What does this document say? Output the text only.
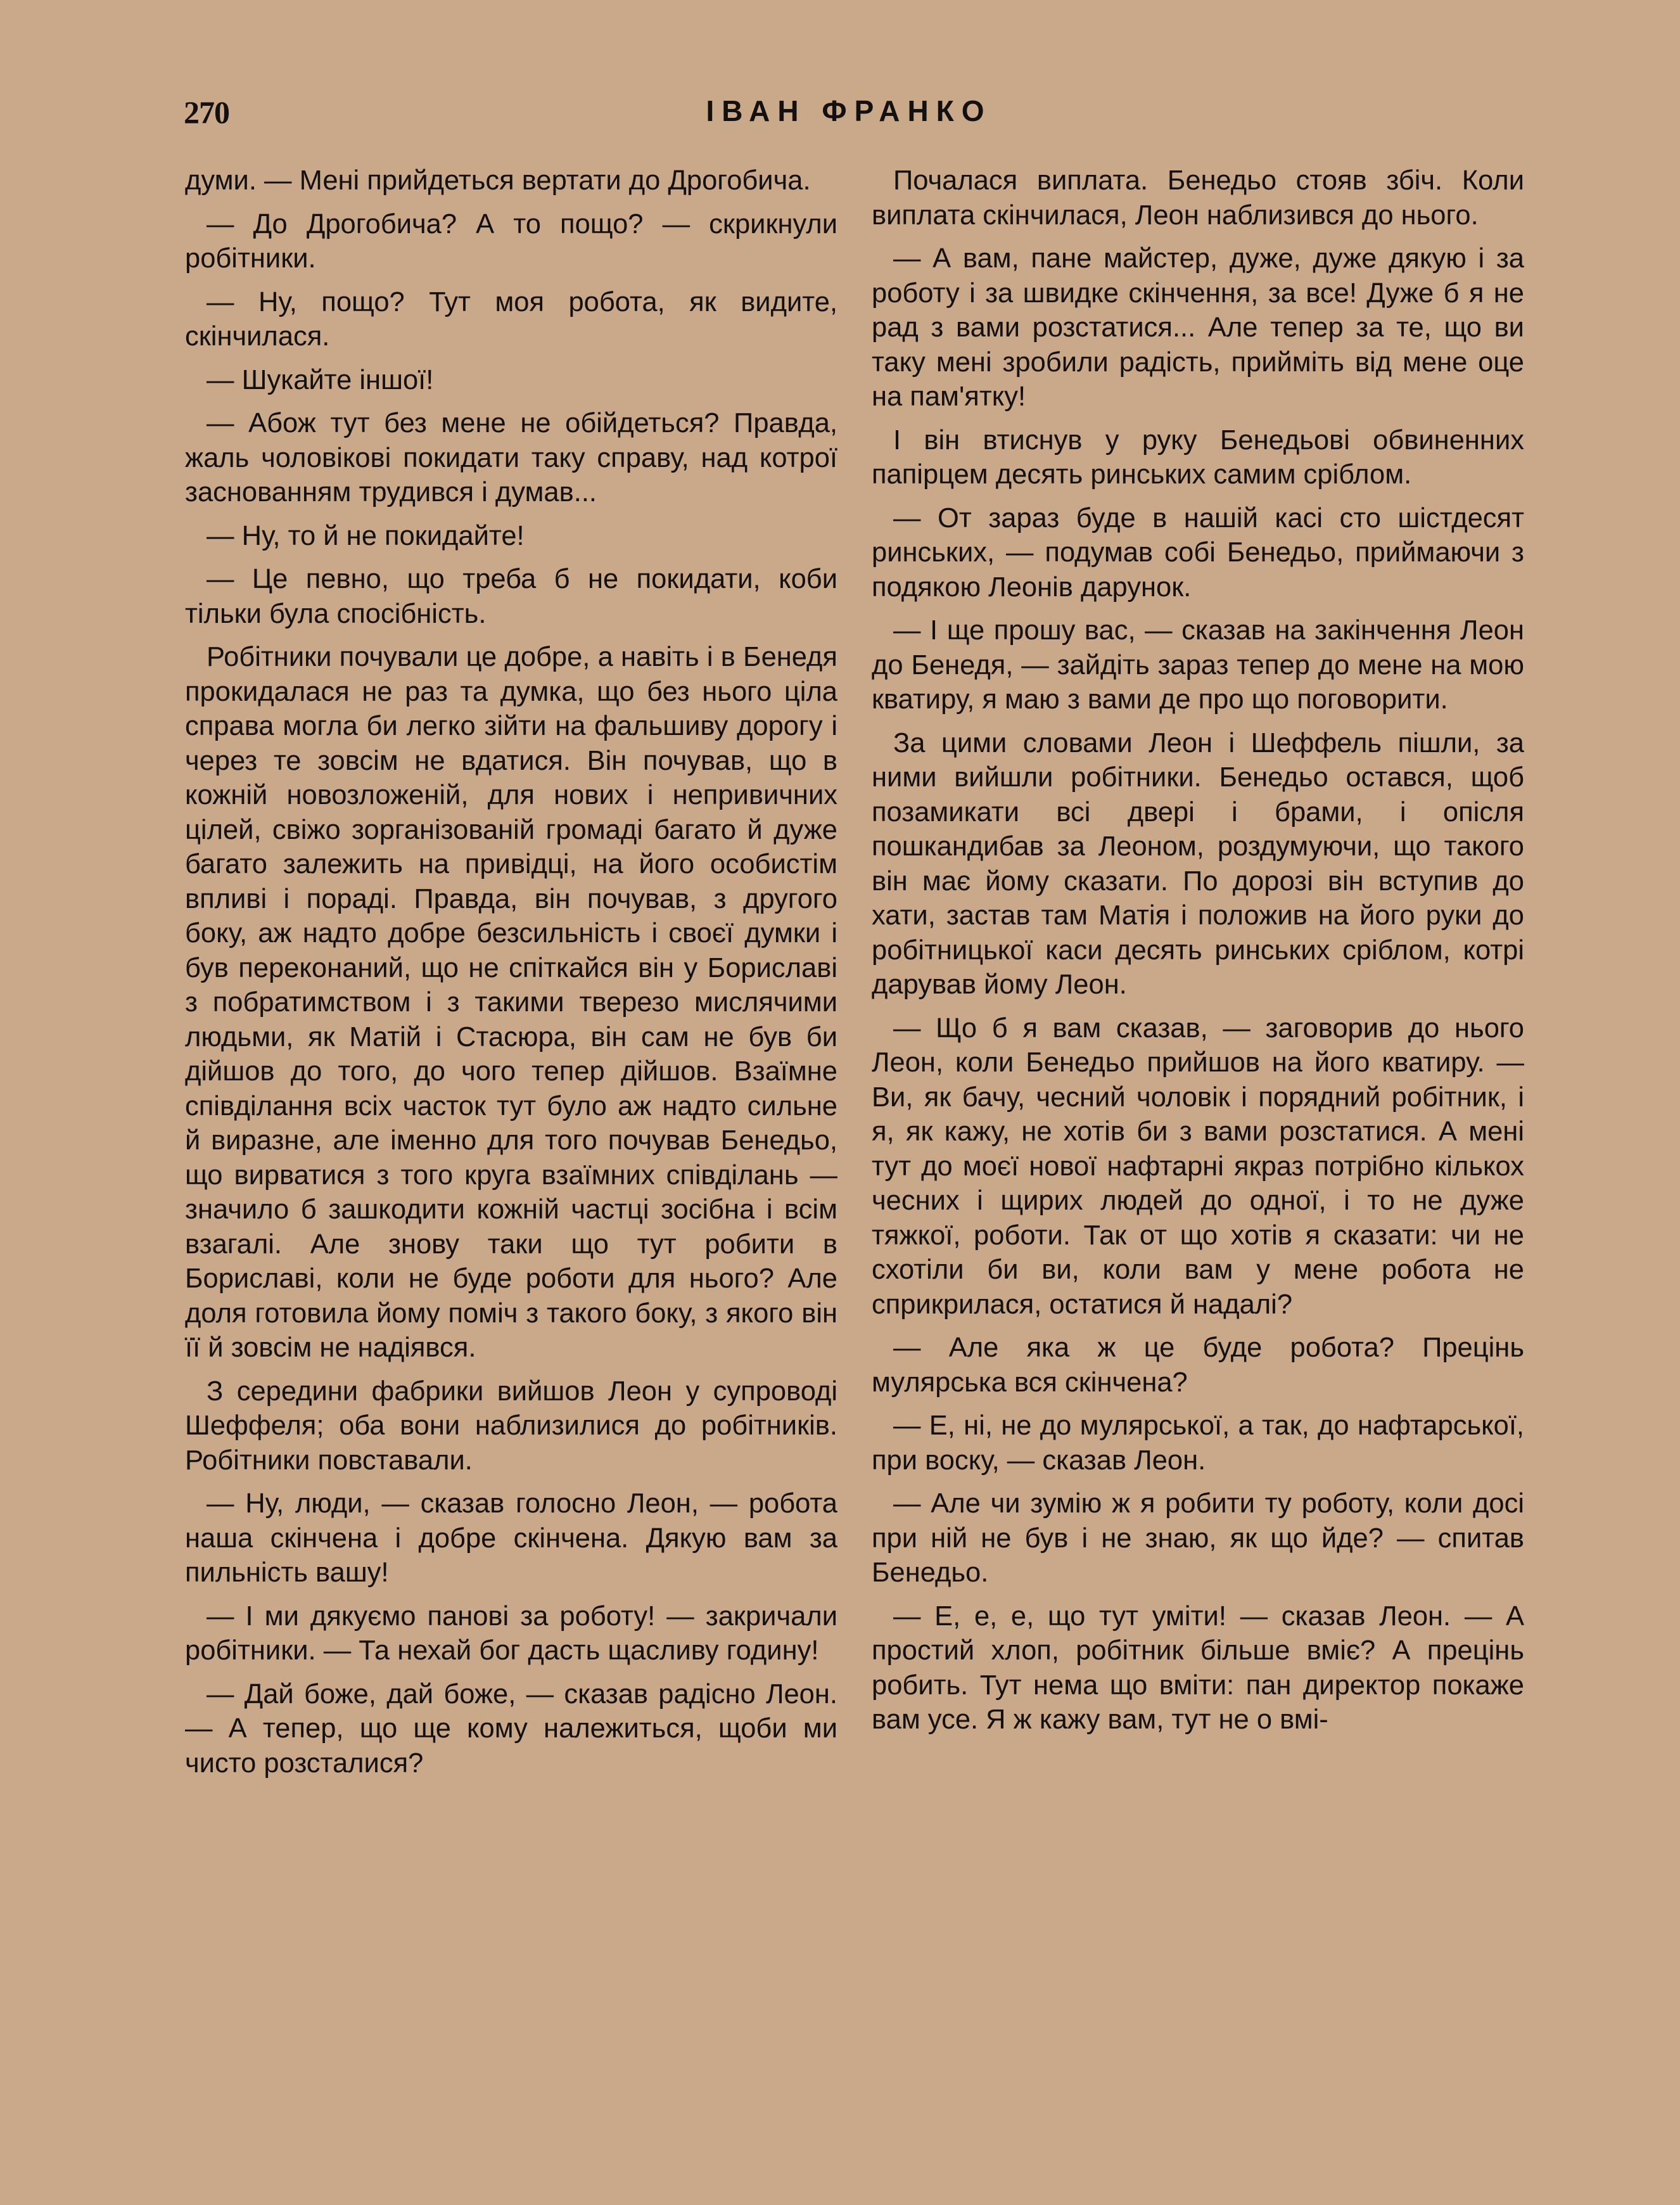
270	ІВАН ФРАНКО

думи. — Мені прийдеться вертати до Дрогобича.

— До Дрогобича? А то пощо? — скрикнули робітники.

— Ну, пощо? Тут моя робота, як видите, скінчилася.

— Шукайте іншої!

— Абож тут без мене не обійдеться? Правда, жаль чоловікові покидати таку справу, над котрої заснованням трудився і думав...

— Ну, то й не покидайте!

— Це певно, що треба б не покидати, коби тільки була спосібність.

Робітники почували це добре, а навіть і в Бенедя прокидалася не раз та думка, що без нього ціла справа могла би легко зійти на фальшиву дорогу і через те зовсім не вдатися. Він почував, що в кожній новозложеній, для нових і непривичних цілей, свіжо зорганізованій громаді багато й дуже багато залежить на привідці, на його особистім впливі і пораді. Правда, він почував, з другого боку, аж надто добре безсильність і своєї думки і був переконаний, що не спіткайся він у Бориславі з побратимством і з такими тверезо мислячими людьми, як Матій і Стасюра, він сам не був би дійшов до того, до чого тепер дійшов. Взаїмне співділання всіх часток тут було аж надто сильне й виразне, але іменно для того почував Бенедьо, що вирватися з того круга взаїмних співділань — значило б зашкодити кожній частці зосібна і всім взагалі. Але знову таки що тут робити в Бориславі, коли не буде роботи для нього? Але доля готовила йому поміч з такого боку, з якого він її й зовсім не надіявся.

З середини фабрики вийшов Леон у супроводі Шеффеля; оба вони наблизилися до робітників. Робітники повставали.

— Ну, люди, — сказав голосно Леон, — робота наша скінчена і добре скінчена. Дякую вам за пильність вашу!

— І ми дякуємо панові за роботу! — закричали робітники. — Та нехай бог дасть щасливу годину!

— Дай боже, дай боже, — сказав радісно Леон. — А тепер, що ще кому належиться, щоби ми чисто розсталися?

Почалася виплата. Бенедьо стояв збіч. Коли виплата скінчилася, Леон наблизився до нього.

— А вам, пане майстер, дуже, дуже дякую і за роботу і за швидке скінчення, за все! Дуже б я не рад з вами розстатися... Але тепер за те, що ви таку мені зробили радість, прийміть від мене оце на пам'ятку!

І він втиснув у руку Бенедьові обвиненних папірцем десять ринських самим сріблом.

— От зараз буде в нашій касі сто шістдесят ринських, — подумав собі Бенедьо, приймаючи з подякою Леонів дарунок.

— І ще прошу вас, — сказав на закінчення Леон до Бенедя, — зайдіть зараз тепер до мене на мою кватиру, я маю з вами де про що поговорити.

За цими словами Леон і Шеффель пішли, за ними вийшли робітники. Бенедьо остався, щоб позамикати всі двері і брами, і опісля пошкандибав за Леоном, роздумуючи, що такого він має йому сказати. По дорозі він вступив до хати, застав там Матія і положив на його руки до робітницької каси десять ринських сріблом, котрі дарував йому Леон.

— Що б я вам сказав, — заговорив до нього Леон, коли Бенедьо прийшов на його кватиру. — Ви, як бачу, чесний чоловік і порядний робітник, і я, як кажу, не хотів би з вами розстатися. А мені тут до моєї нової нафтарні якраз потрібно кількох чесних і щирих людей до одної, і то не дуже тяжкої, роботи. Так от що хотів я сказати: чи не схотіли би ви, коли вам у мене робота не сприкрилася, остатися й надалі?

— Але яка ж це буде робота? Прецінь мулярська вся скінчена?

— Е, ні, не до мулярської, а так, до нафтарської, при воску, — сказав Леон.

— Але чи зумію ж я робити ту роботу, коли досі при ній не був і не знаю, як що йде? — спитав Бенедьо.

— Е, е, е, що тут уміти! — сказав Леон. — А простий хлоп, робітник більше вміє? А прецінь робить. Тут нема що вміти: пан директор покаже вам усе. Я ж кажу вам, тут не о вмі-
